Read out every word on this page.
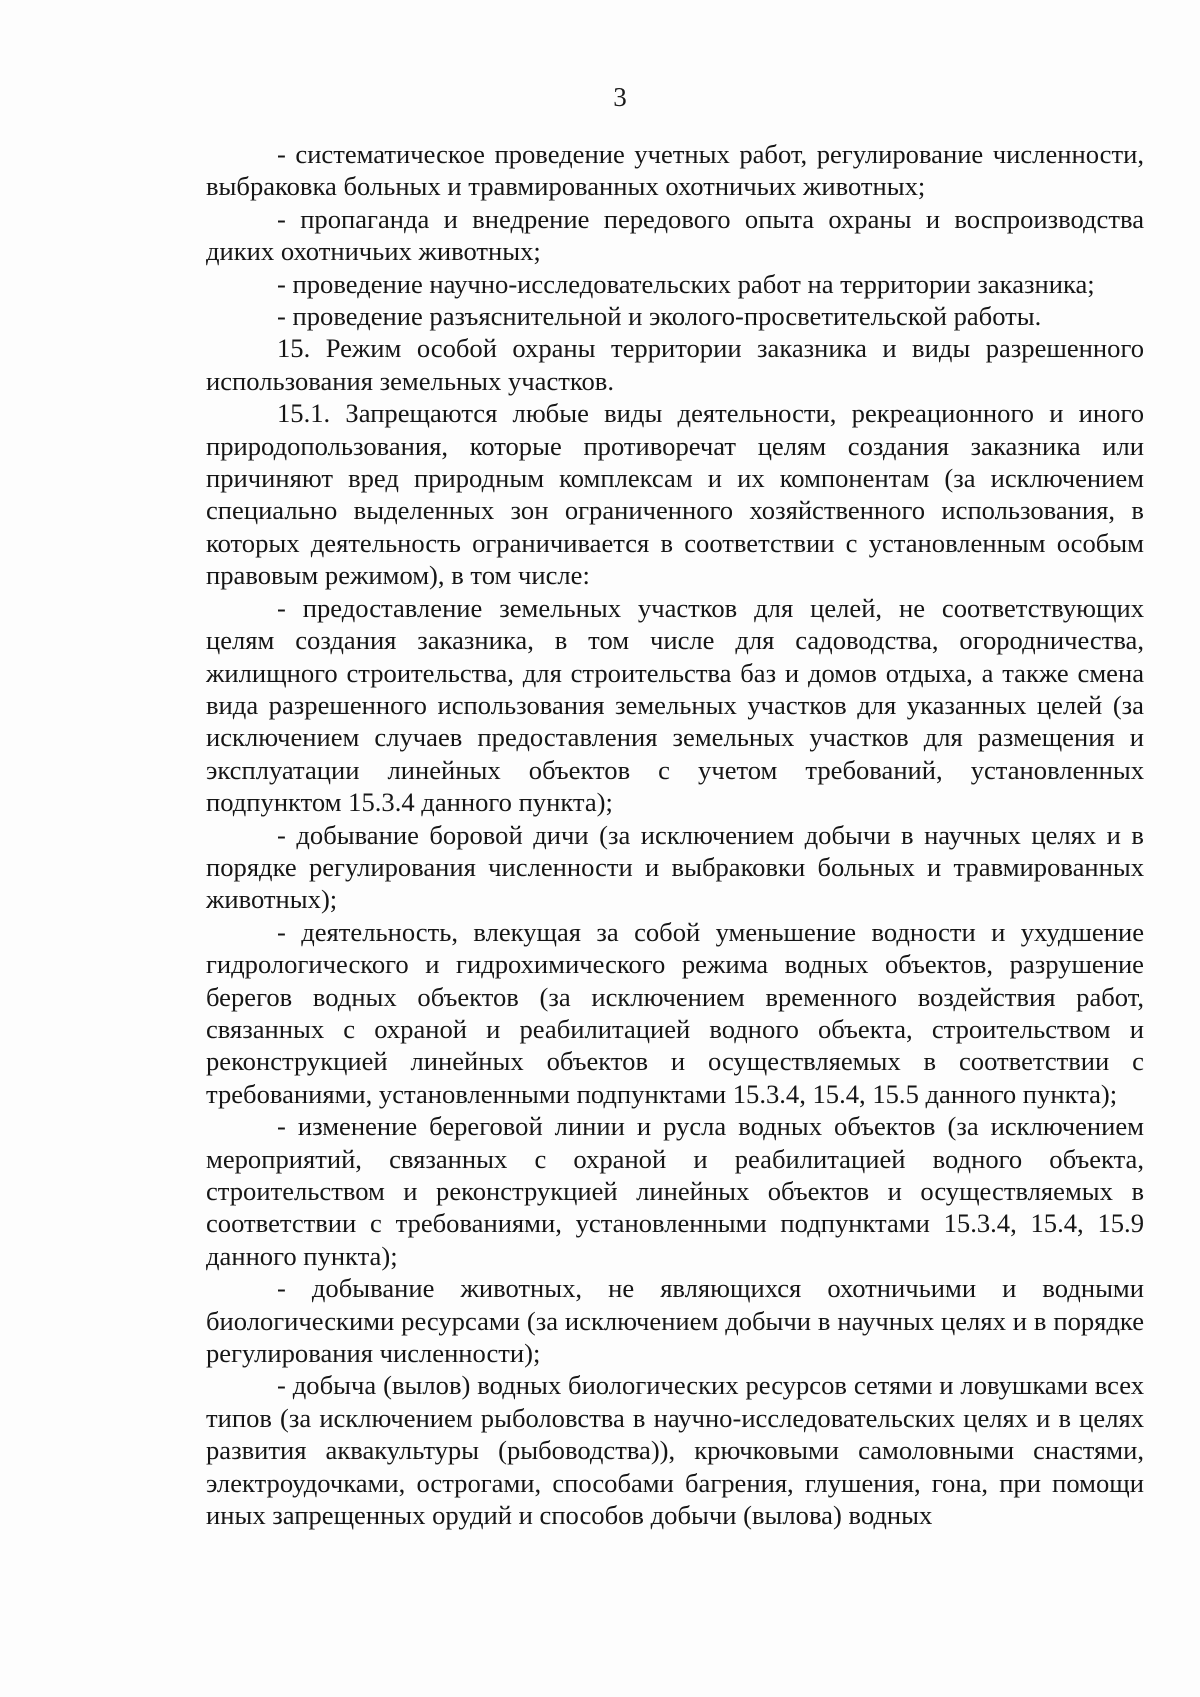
3

- систематическое проведение учетных работ, регулирование численности, выбраковка больных и травмированных охотничьих животных;

- пропаганда и внедрение передового опыта охраны и воспроизводства диких охотничьих животных;

- проведение научно-исследовательских работ на территории заказника;

- проведение разъяснительной и эколого-просветительской работы.

15. Режим особой охраны территории заказника и виды разрешенного использования земельных участков.

15.1. Запрещаются любые виды деятельности, рекреационного и иного природопользования, которые противоречат целям создания заказника или причиняют вред природным комплексам и их компонентам (за исключением специально выделенных зон ограниченного хозяйственного использования, в которых деятельность ограничивается в соответствии с установленным особым правовым режимом), в том числе:

- предоставление земельных участков для целей, не соответствующих целям создания заказника, в том числе для садоводства, огородничества, жилищного строительства, для строительства баз и домов отдыха, а также смена вида разрешенного использования земельных участков для указанных целей (за исключением случаев предоставления земельных участков для размещения и эксплуатации линейных объектов с учетом требований, установленных подпунктом 15.3.4 данного пункта);

- добывание боровой дичи (за исключением добычи в научных целях и в порядке регулирования численности и выбраковки больных и травмированных животных);

- деятельность, влекущая за собой уменьшение водности и ухудшение гидрологического и гидрохимического режима водных объектов, разрушение берегов водных объектов (за исключением временного воздействия работ, связанных с охраной и реабилитацией водного объекта, строительством и реконструкцией линейных объектов и осуществляемых в соответствии с требованиями, установленными подпунктами 15.3.4, 15.4, 15.5 данного пункта);

- изменение береговой линии и русла водных объектов (за исключением мероприятий, связанных с охраной и реабилитацией водного объекта, строительством и реконструкцией линейных объектов и осуществляемых в соответствии с требованиями, установленными подпунктами 15.3.4, 15.4, 15.9 данного пункта);

- добывание животных, не являющихся охотничьими и водными биологическими ресурсами (за исключением добычи в научных целях и в порядке регулирования численности);

- добыча (вылов) водных биологических ресурсов сетями и ловушками всех типов (за исключением рыболовства в научно-исследовательских целях и в целях развития аквакультуры (рыбоводства)), крючковыми самоловными снастями, электроудочками, острогами, способами багрения, глушения, гона, при помощи иных запрещенных орудий и способов добычи (вылова) водных
